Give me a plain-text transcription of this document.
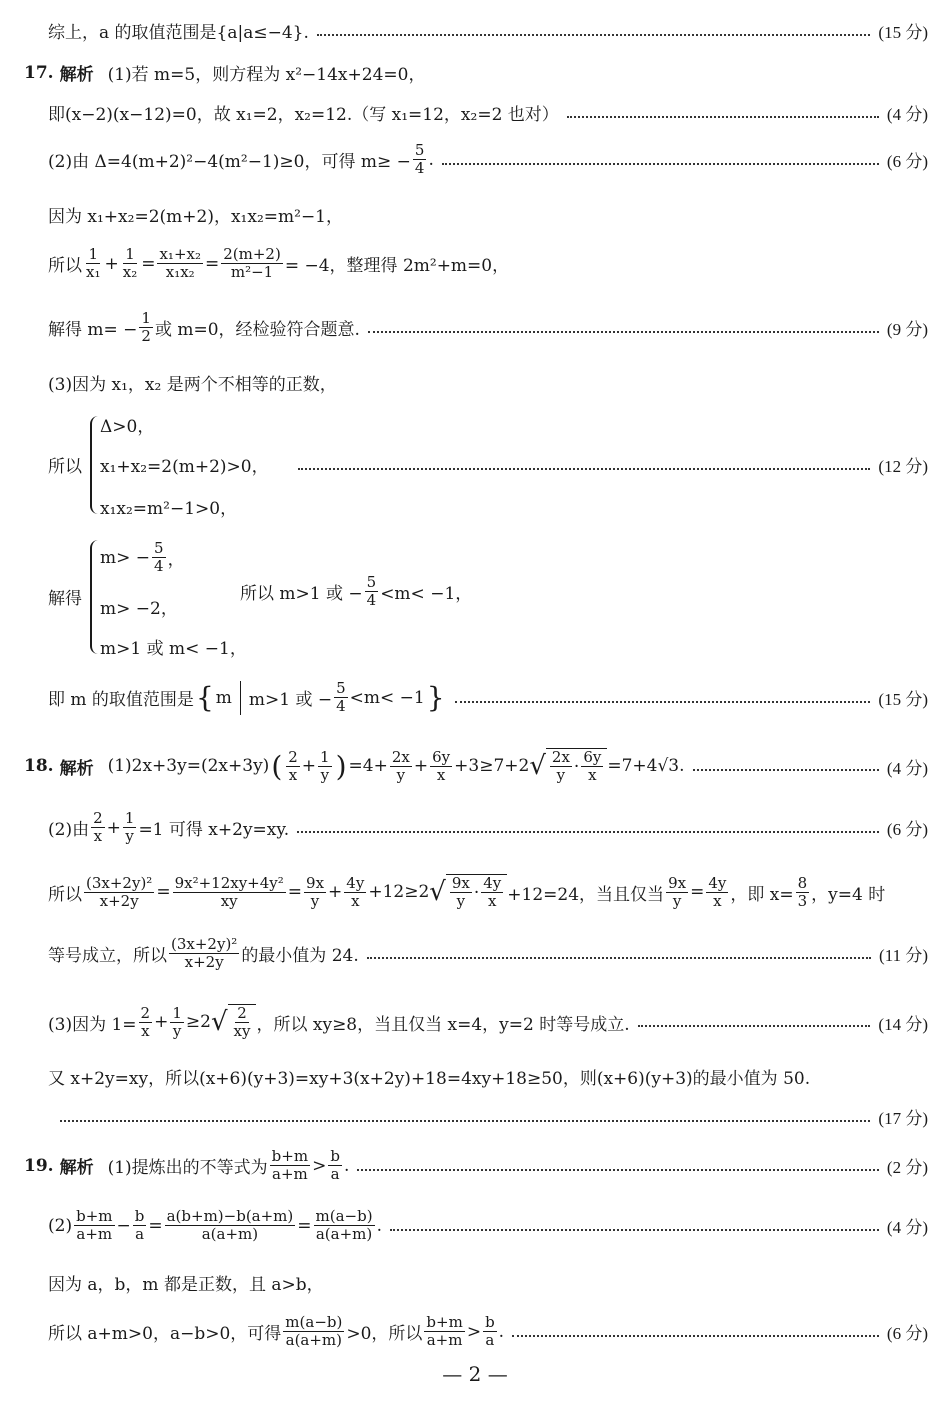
综上，a 的取值范围是{a|a≤−4}.	(15 分)
17. 解析 (1)若 m=5，则方程为 x²−14x+24=0，
即(x−2)(x−12)=0，故 x₁=2，x₂=12.（写 x₁=12，x₂=2 也对）	(4 分)
(2)由 Δ=4(m+2)²−4(m²−1)≥0，可得 $m\ge - \frac{5}{4}$ .	(6 分)
因为 x₁+x₂=2(m+2)，x₁x₂=m²−1，
所以 $\frac{1}{\text{x₁}} + \frac{1}{\text{x₂}} = \frac{\text{x₁+x₂}}{\text{x₁x₂}} = \frac{2(m+2)}{\text{m²−1}} = -4$，整理得 2m²+m=0，
解得 $m= - \frac{1}{2}$ 或 m=0，经检验符合题意.	(9 分)
(3)因为 x₁，x₂ 是两个不相等的正数，
所以
Δ>0，
x₁+x₂=2(m+2)>0，
x₁x₂=m²−1>0，
(12 分)
解得
$m> - \frac{5}{4}$ ，
m> −2，
m>1 或 m< −1，
所以 m>1 或 − $\frac{5}{4} <m< -1$，
即 m 的取值范围是 { m m>1 或 − $\frac{5}{4} <m< -1$ }	(15 分)
18. 解析 (1)2x+3y=(2x+3y) ( $\frac{2}{x} + \frac{1}{y}$ ) $=4+ \frac{2x}{y} + \frac{6y}{x} +3\ge 7+2$ √ $\frac{2x}{y} \cdot \frac{6y}{x} =7+4√3$.	(4 分)
(2)由 $\frac{2}{x} + \frac{1}{y} =1$ 可得 x+2y=xy.	(6 分)
所以 $\frac{\text{(3x+2y)²}}{x+2y} = \frac{\text{9x²+12xy+4y²}}{xy} = \frac{9x}{y} + \frac{4y}{x} +12\ge 2$ √ $\frac{9x}{y} \cdot \frac{4y}{x} +12=24$，当且仅当 $\frac{9x}{y} = \frac{4y}{x}$ ，即 $x= \frac{8}{3}$ ，y=4 时
等号成立，所以 $\frac{\text{(3x+2y)²}}{x+2y}$ 的最小值为 24.	(11 分)
(3)因为 $1= \frac{2}{x} + \frac{1}{y} \ge 2$ √ $\frac{2}{xy}$ ，所以 xy≥8，当且仅当 x=4，y=2 时等号成立.	(14 分)
又 x+2y=xy，所以(x+6)(y+3)=xy+3(x+2y)+18=4xy+18≥50，则(x+6)(y+3)的最小值为 50.
(17 分)
19. 解析 (1)提炼出的不等式为 $\frac{b+m}{a+m} > \frac{b}{a}$ .	(2 分)
$(2) \frac{b+m}{a+m} - \frac{b}{a} = \frac{a(b+m)-b(a+m)}{a(a+m)} = \frac{m(a-b)}{a(a+m)}$ .	(4 分)
因为 a，b，m 都是正数，且 a>b，
所以 a+m>0，a−b>0，可得 $\frac{m(a-b)}{a(a+m)} >0$，所以 $\frac{b+m}{a+m} > \frac{b}{a}$ .	(6 分)
— 2 —
